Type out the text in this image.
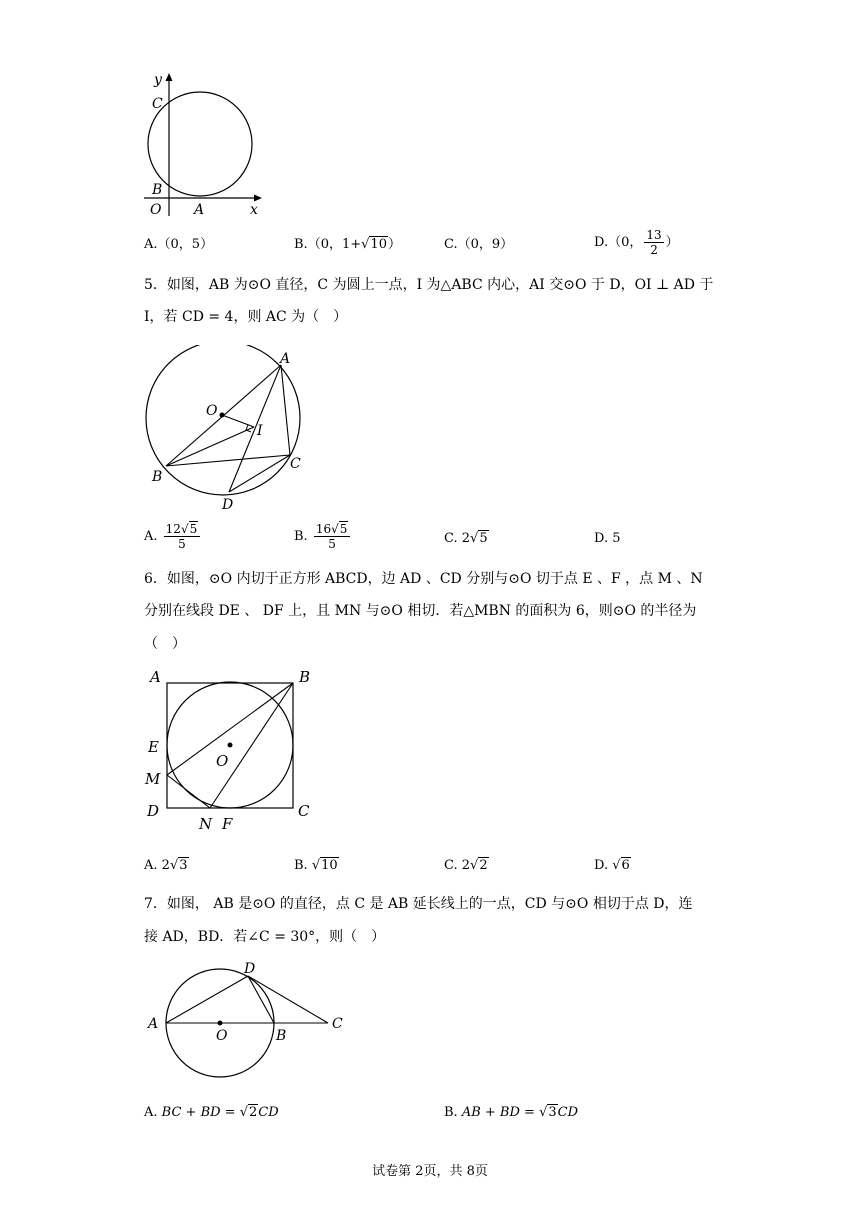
y
C
B
O A	x
A.（0，5）	B.（0，1+√10）	C.（0，9）	D.（0， $\frac{13}{2}$ ）
5．如图，AB 为⊙O 直径，C 为圆上一点，I 为△ABC 内心，AI 交⊙O 于 D，OI ⊥ AD 于
I，若 CD = 4，则 AC 为（　）
A
O
I
B
C
D
A. $\frac{12√5}{5}$	B. $\frac{16√5}{5}$	C. 2√5	D. 5
6．如图，⊙O 内切于正方形 ABCD，边 AD 、CD 分别与⊙O 切于点 E 、F ，点 M 、N
分别在线段 DE 、 DF 上，且 MN 与⊙O 相切．若△MBN 的面积为 6，则⊙O 的半径为
（　）
A	B
E
O
M
D
N F
C
A. 2√3	B. √10	C. 2√2	D. √6
7．如图， AB 是⊙O 的直径，点 C 是 AB 延长线上的一点，CD 与⊙O 相切于点 D，连
接 AD，BD．若∠C = 30°，则（　）
D
A
O	B
C
A. BC + BD = √2CD	B. AB + BD = √3CD
试卷第 2页，共 8页
